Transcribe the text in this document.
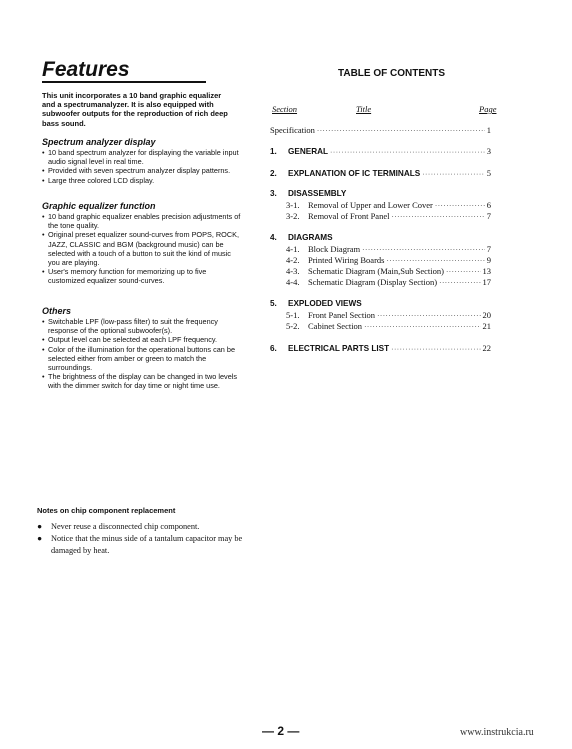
Features
This unit incorporates a 10 band graphic equalizer and a spectrumanalyzer. It is also equipped with subwoofer outputs for the reproduction of rich deep bass sound.
Spectrum analyzer display
• 10 band spectrum analyzer for displaying the variable input audio signal level in real time.
• Provided with seven spectrum analyzer display patterns.
• Large three colored LCD display.
Graphic equalizer function
• 10 band graphic equalizer enables precision adjustments of the tone quality.
• Original preset equalizer sound-curves from POPS, ROCK, JAZZ, CLASSIC and BGM (background music) can be selected with a touch of a button to suit the kind of music you are playing.
• User's memory function for memorizing up to five customized equalizer sound-curves.
Others
• Switchable LPF (low-pass filter) to suit the frequency response of the optional subwoofer(s).
• Output level can be selected at each LPF frequency.
• Color of the illumination for the operational buttons can be selected either from amber or green to match the surroundings.
• The brightness of the display can be changed in two levels with the dimmer switch for day time or night time use.
TABLE OF CONTENTS
Section	Title	Page
Specification ·····	1
1.	GENERAL ·····	3
2.	EXPLANATION OF IC TERMINALS ·····	5
3.	DISASSEMBLY
3-1.	Removal of Upper and Lower Cover ·····	6
3-2.	Removal of Front Panel ·····	7
4.	DIAGRAMS
4-1.	Block Diagram ·····	7
4-2.	Printed Wiring Boards ·····	9
4-3.	Schematic Diagram (Main,Sub Section) ·····	13
4-4.	Schematic Diagram (Display Section) ·····	17
5.	EXPLODED VIEWS
5-1.	Front Panel Section ·····	20
5-2.	Cabinet Section ·····	21
6.	ELECTRICAL PARTS LIST ·····	22
Notes on chip component replacement
● Never reuse a disconnected chip component.
● Notice that the minus side of a tantalum capacitor may be damaged by heat.
— 2 —	www.instrukcia.ru
